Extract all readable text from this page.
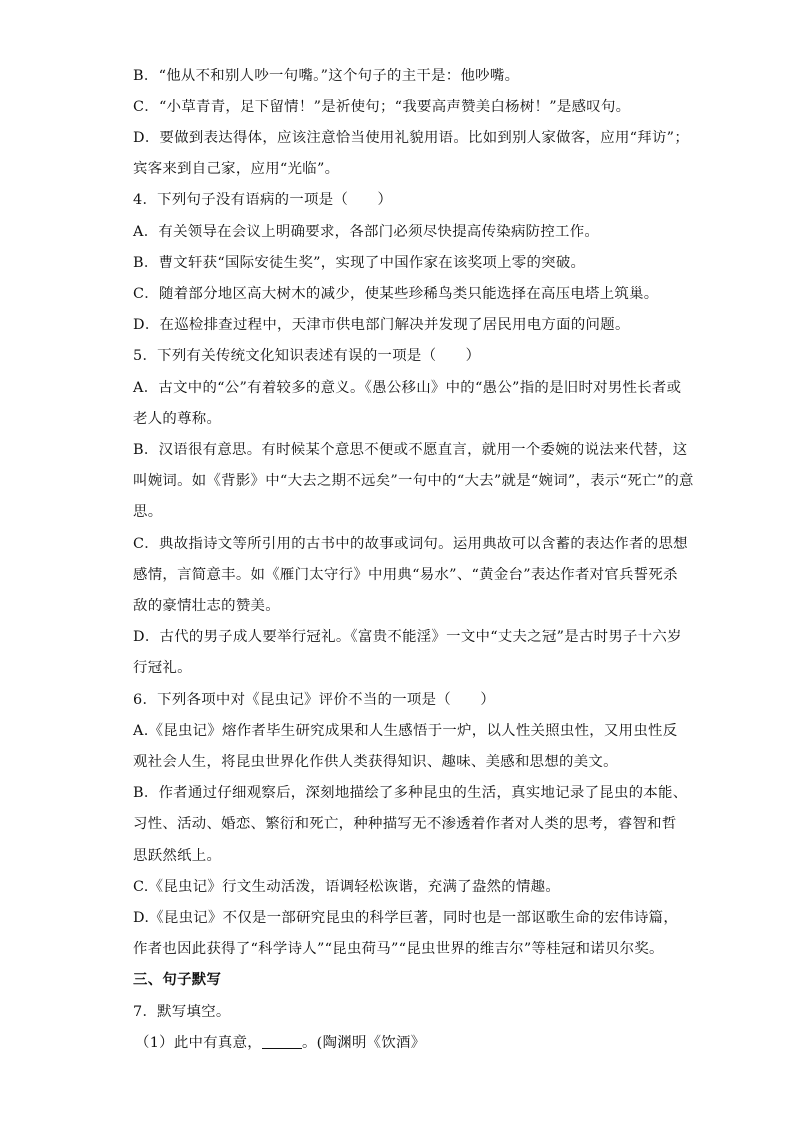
B．“他从不和别人吵一句嘴。”这个句子的主干是：他吵嘴。
C．“小草青青，足下留情！”是祈使句；“我要高声赞美白杨树！”是感叹句。
D．要做到表达得体，应该注意恰当使用礼貌用语。比如到别人家做客，应用“拜访”；
宾客来到自己家，应用“光临”。
4．下列句子没有语病的一项是（　　）
A．有关领导在会议上明确要求，各部门必须尽快提高传染病防控工作。
B．曹文轩获“国际安徒生奖”，实现了中国作家在该奖项上零的突破。
C．随着部分地区高大树木的减少，使某些珍稀鸟类只能选择在高压电塔上筑巢。
D．在巡检排查过程中，天津市供电部门解决并发现了居民用电方面的问题。
5．下列有关传统文化知识表述有误的一项是（　　）
A．古文中的“公”有着较多的意义。《愚公移山》中的“愚公”指的是旧时对男性长者或
老人的尊称。
B．汉语很有意思。有时候某个意思不便或不愿直言，就用一个委婉的说法来代替，这
叫婉词。如《背影》中“大去之期不远矣”一句中的“大去”就是“婉词”，表示“死亡”的意
思。
C．典故指诗文等所引用的古书中的故事或词句。运用典故可以含蓄的表达作者的思想
感情，言简意丰。如《雁门太守行》中用典“易水”、“黄金台”表达作者对官兵誓死杀
敌的豪情壮志的赞美。
D．古代的男子成人要举行冠礼。《富贵不能淫》一文中“丈夫之冠”是古时男子十六岁
行冠礼。
6．下列各项中对《昆虫记》评价不当的一项是（　　）
A.《昆虫记》熔作者毕生研究成果和人生感悟于一炉，以人性关照虫性，又用虫性反
观社会人生，将昆虫世界化作供人类获得知识、趣味、美感和思想的美文。
B．作者通过仔细观察后，深刻地描绘了多种昆虫的生活，真实地记录了昆虫的本能、
习性、活动、婚恋、繁衍和死亡，种种描写无不渗透着作者对人类的思考，睿智和哲
思跃然纸上。
C.《昆虫记》行文生动活泼，语调轻松诙谐，充满了盎然的情趣。
D.《昆虫记》不仅是一部研究昆虫的科学巨著，同时也是一部讴歌生命的宏伟诗篇，
作者也因此获得了“科学诗人”“昆虫荷马”“昆虫世界的维吉尔”等桂冠和诺贝尔奖。
三、句子默写
7．默写填空。
（1）此中有真意，	。(陶渊明《饮酒》
